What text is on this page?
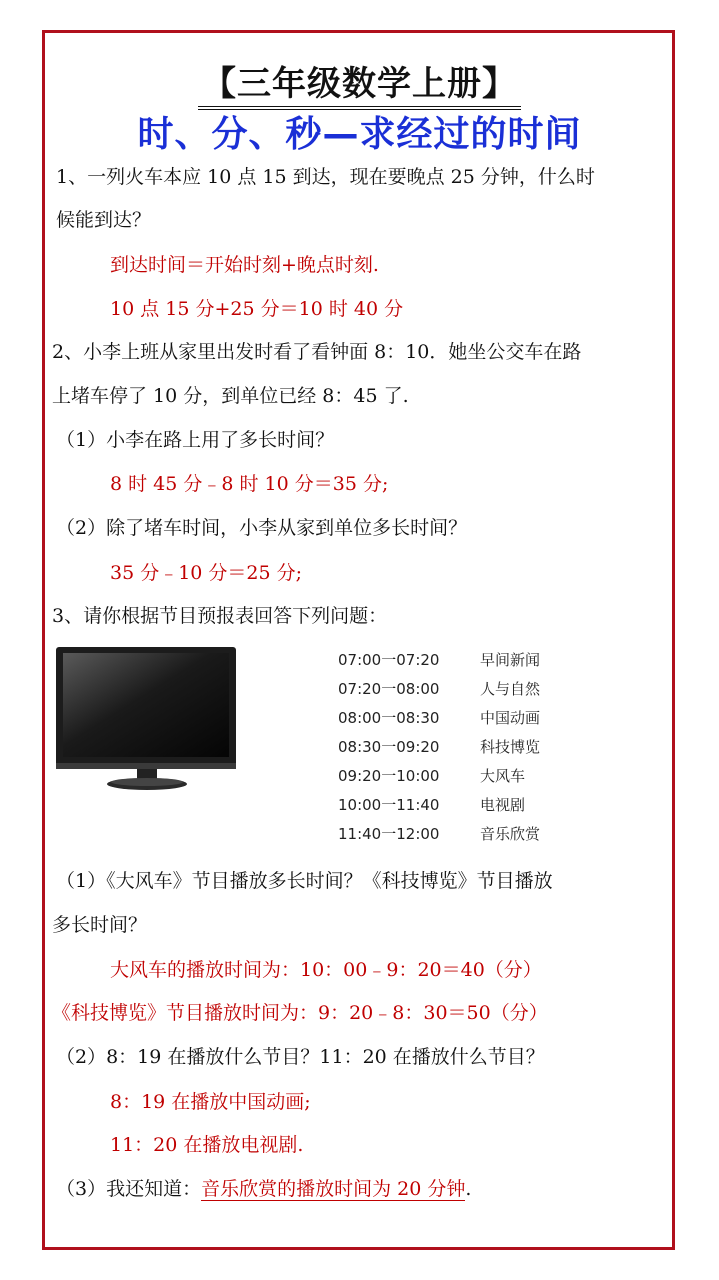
【三年级数学上册】
时、分、秒—求经过的时间
1、一列火车本应 10 点 15 到达，现在要晚点 25 分钟，什么时
候能到达？
到达时间＝开始时刻+晚点时刻.
10 点 15 分+25 分＝10 时 40 分
2、小李上班从家里出发时看了看钟面 8：10．她坐公交车在路
上堵车停了 10 分，到单位已经 8：45 了.
（1）小李在路上用了多长时间？
8 时 45 分﹣8 时 10 分＝35 分;
（2）除了堵车时间，小李从家到单位多长时间？
35 分﹣10 分＝25 分;
3、请你根据节目预报表回答下列问题：
07:00一07:20	早间新闻
07:20一08:00	人与自然
08:00一08:30	中国动画
08:30一09:20	科技博览
09:20一10:00	大风车
10:00一11:40	电视剧
11:40一12:00	音乐欣赏
（1）《大风车》节目播放多长时间？《科技博览》节目播放
多长时间？
大风车的播放时间为：10：00﹣9：20＝40（分）
《科技博览》节目播放时间为：9：20﹣8：30＝50（分）
（2）8：19 在播放什么节目？11：20 在播放什么节目？
8：19 在播放中国动画;
11：20 在播放电视剧.
（3）我还知道：音乐欣赏的播放时间为 20 分钟.
